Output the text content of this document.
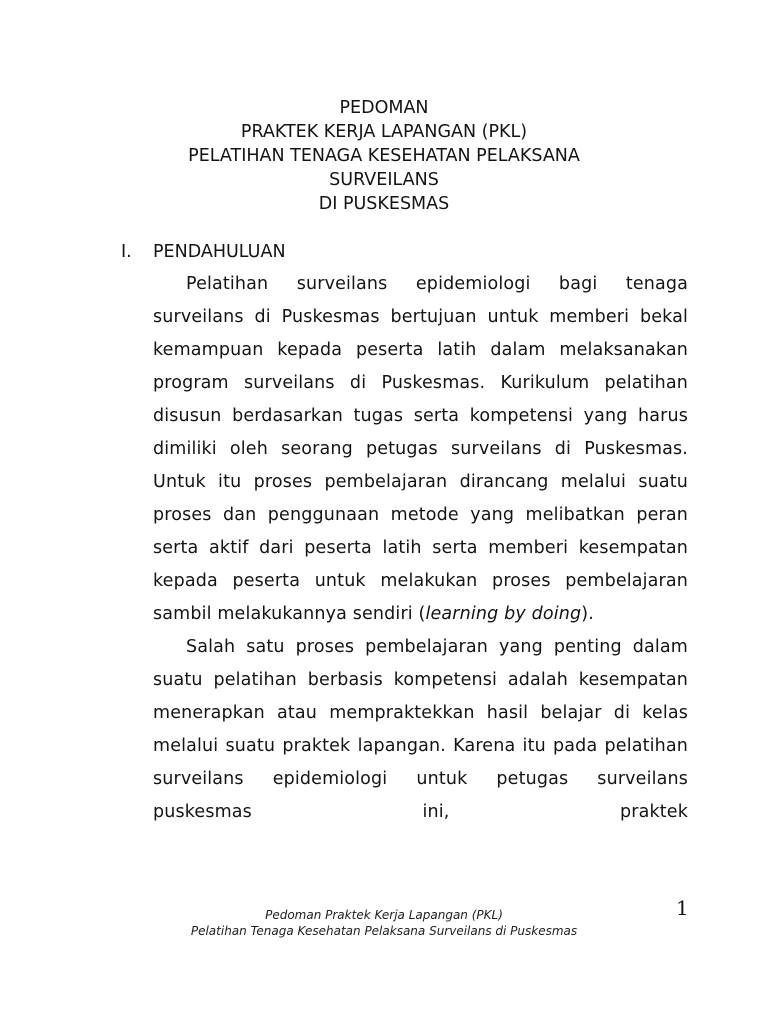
PEDOMAN
PRAKTEK KERJA LAPANGAN (PKL)
PELATIHAN TENAGA KESEHATAN PELAKSANA
SURVEILANS
DI PUSKESMAS
I. PENDAHULUAN

Pelatihan surveilans epidemiologi bagi tenaga surveilans di Puskesmas bertujuan untuk memberi bekal kemampuan kepada peserta latih dalam melaksanakan program surveilans di Puskesmas. Kurikulum pelatihan disusun berdasarkan tugas serta kompetensi yang harus dimiliki oleh seorang petugas surveilans di Puskesmas. Untuk itu proses pembelajaran dirancang melalui suatu proses dan penggunaan metode yang melibatkan peran serta aktif dari peserta latih serta memberi kesempatan kepada peserta untuk melakukan proses pembelajaran sambil melakukannya sendiri (learning by doing).

Salah satu proses pembelajaran yang penting dalam suatu pelatihan berbasis kompetensi adalah kesempatan menerapkan atau mempraktekkan hasil belajar di kelas melalui suatu praktek lapangan. Karena itu pada pelatihan surveilans epidemiologi untuk petugas surveilans puskesmas ini, praktek

Pedoman Praktek Kerja Lapangan (PKL)
Pelatihan Tenaga Kesehatan Pelaksana Surveilans di Puskesmas
1
